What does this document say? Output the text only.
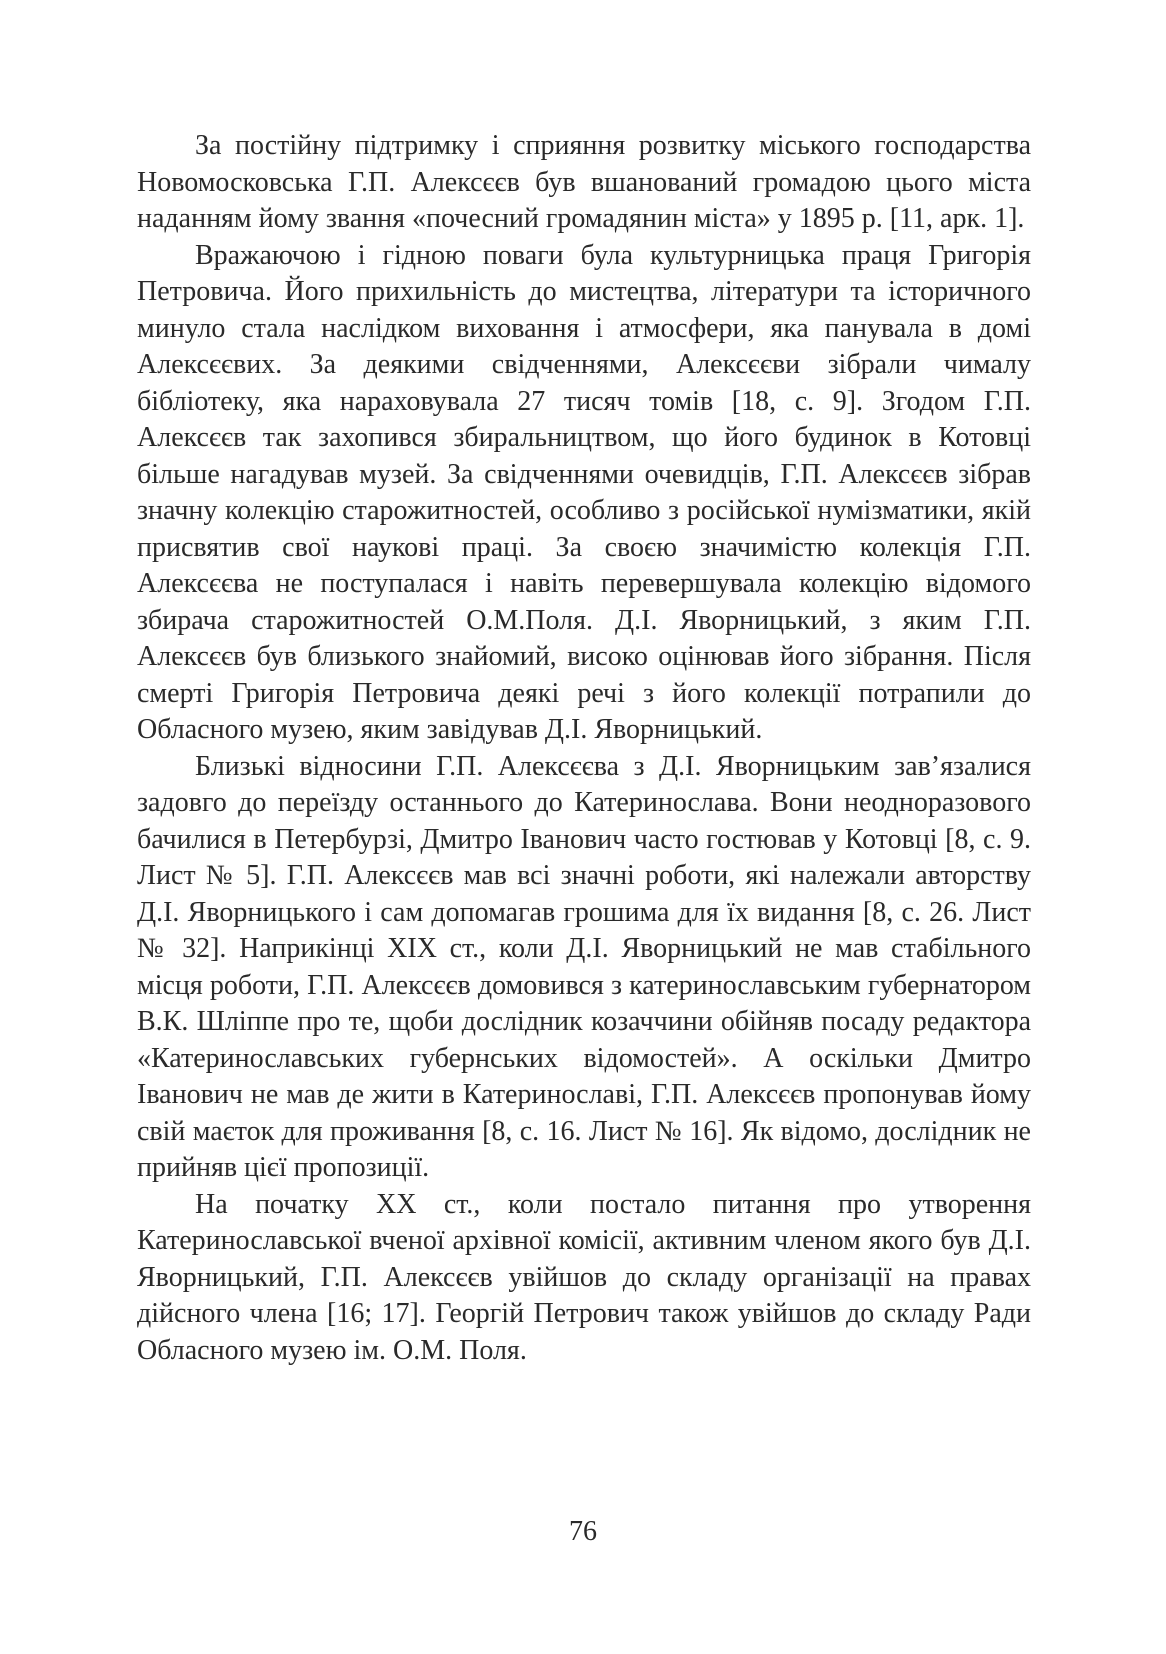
За постійну підтримку і сприяння розвитку міського господарства Новомосковська Г.П. Алексєєв був вшанований громадою цього міста наданням йому звання «почесний громадянин міста» у 1895 р. [11, арк. 1].

Вражаючою і гідною поваги була культурницька праця Григорія Петровича. Його прихильність до мистецтва, літератури та історичного минуло стала наслідком виховання і атмосфери, яка панувала в домі Алексєєвих. За деякими свідченнями, Алексєєви зібрали чималу бібліотеку, яка нараховувала 27 тисяч томів [18, с. 9]. Згодом Г.П. Алексєєв так захопився збиральництвом, що його будинок в Котовці більше нагадував музей. За свідченнями очевидців, Г.П. Алексєєв зібрав значну колекцію старожитностей, особливо з російської нумізматики, якій присвятив свої наукові праці. За своєю значимістю колекція Г.П. Алексєєва не поступалася і навіть перевершувала колекцію відомого збирача старожитностей О.М.Поля. Д.І. Яворницький, з яким Г.П. Алексєєв був близького знайомий, високо оцінював його зібрання. Після смерті Григорія Петровича деякі речі з його колекції потрапили до Обласного музею, яким завідував Д.І. Яворницький.

Близькі відносини Г.П. Алексєєва з Д.І. Яворницьким зав’язалися задовго до переїзду останнього до Катеринослава. Вони неодноразового бачилися в Петербурзі, Дмитро Іванович часто гостював у Котовці [8, с. 9. Лист № 5]. Г.П. Алексєєв мав всі значні роботи, які належали авторству Д.І. Яворницького і сам допомагав грошима для їх видання [8, с. 26. Лист № 32]. Наприкінці ХІХ ст., коли Д.І. Яворницький не мав стабільного місця роботи, Г.П. Алексєєв домовився з катеринославським губернатором В.К. Шліппе про те, щоби дослідник козаччини обійняв посаду редактора «Катеринославських губернських відомостей». А оскільки Дмитро Іванович не мав де жити в Катеринославі, Г.П. Алексєєв пропонував йому свій маєток для проживання [8, с. 16. Лист № 16]. Як відомо, дослідник не прийняв цієї пропозиції.

На початку ХХ ст., коли постало питання про утворення Катеринославської вченої архівної комісії, активним членом якого був Д.І. Яворницький, Г.П. Алексєєв увійшов до складу організації на правах дійсного члена [16; 17]. Георгій Петрович також увійшов до складу Ради Обласного музею ім. О.М. Поля.

76
